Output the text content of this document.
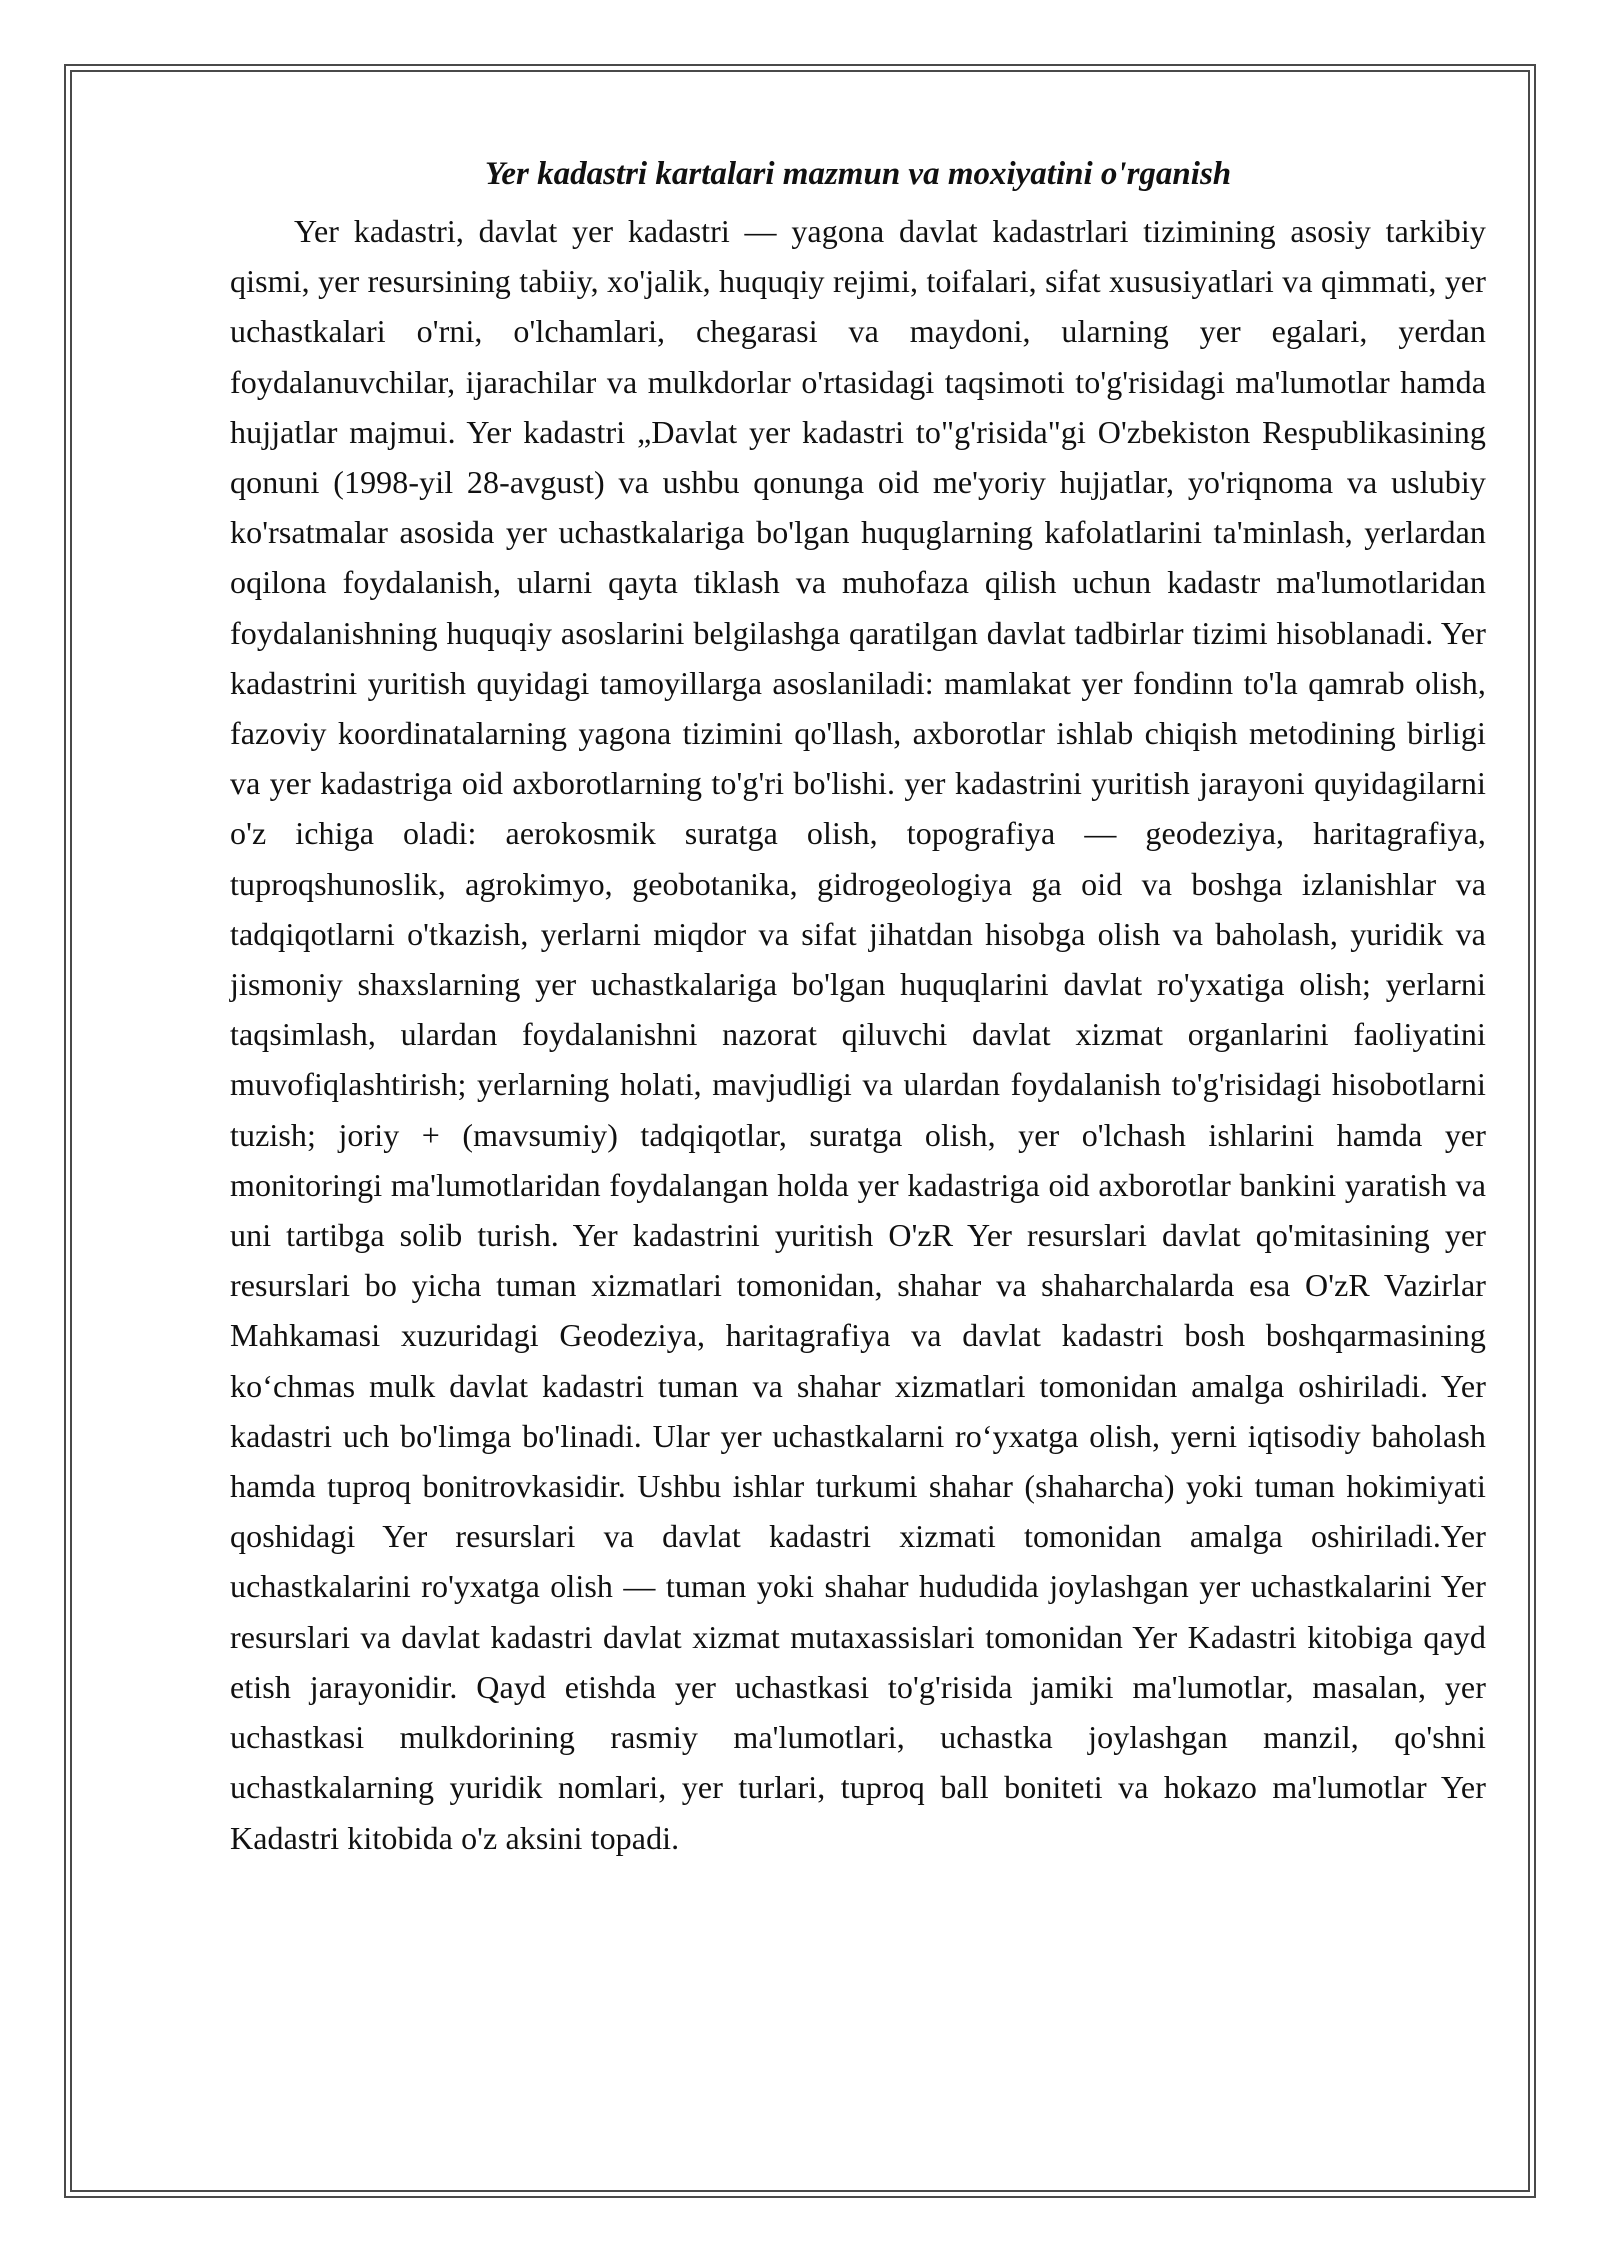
Yer kadastri kartalari mazmun va moxiyatini o'rganish

Yer kadastri, davlat yer kadastri — yagona davlat kadastrlari tizimining asosiy tarkibiy qismi, yer resursining tabiiy, xo'jalik, huquqiy rejimi, toifalari, sifat xususiyatlari va qimmati, yer uchastkalari o'rni, o'lchamlari, chegarasi va maydoni, ularning yer egalari, yerdan foydalanuvchilar, ijarachilar va mulkdorlar o'rtasidagi taqsimoti to'g'risidagi ma'lumotlar hamda hujjatlar majmui. Yer kadastri „Davlat yer kadastri to"g'risida"gi O'zbekiston Respublikasining qonuni (1998-yil 28-avgust) va ushbu qonunga oid me'yoriy hujjatlar, yo'riqnoma va uslubiy ko'rsatmalar asosida yer uchastkalariga bo'lgan huquglarning kafolatlarini ta'minlash, yerlardan oqilona foydalanish, ularni qayta tiklash va muhofaza qilish uchun kadastr ma'lumotlaridan foydalanishning huquqiy asoslarini belgilashga qaratilgan davlat tadbirlar tizimi hisoblanadi. Yer kadastrini yuritish quyidagi tamoyillarga asoslaniladi: mamlakat yer fondinn to'la qamrab olish, fazoviy koordinatalarning yagona tizimini qo'llash, axborotlar ishlab chiqish metodining birligi va yer kadastriga oid axborotlarning to'g'ri bo'lishi. yer kadastrini yuritish jarayoni quyidagilarni o'z ichiga oladi: aerokosmik suratga olish, topografiya — geodeziya, haritagrafiya, tuproqshunoslik, agrokimyo, geobotanika, gidrogeologiya ga oid va boshga izlanishlar va tadqiqotlarni o'tkazish, yerlarni miqdor va sifat jihatdan hisobga olish va baholash, yuridik va jismoniy shaxslarning yer uchastkalariga bo'lgan huquqlarini davlat ro'yxatiga olish; yerlarni taqsimlash, ulardan foydalanishni nazorat qiluvchi davlat xizmat organlarini faoliyatini muvofiqlashtirish; yerlarning holati, mavjudligi va ulardan foydalanish to'g'risidagi hisobotlarni tuzish; joriy + (mavsumiy) tadqiqotlar, suratga olish, yer o'lchash ishlarini hamda yer monitoringi ma'lumotlaridan foydalangan holda yer kadastriga oid axborotlar bankini yaratish va uni tartibga solib turish. Yer kadastrini yuritish O'zR Yer resurslari davlat qo'mitasining yer resurslari bo yicha tuman xizmatlari tomonidan, shahar va shaharchalarda esa O'zR Vazirlar Mahkamasi xuzuridagi Geodeziya, haritagrafiya va davlat kadastri bosh boshqarmasining ko‘chmas mulk davlat kadastri tuman va shahar xizmatlari tomonidan amalga oshiriladi. Yer kadastri uch bo'limga bo'linadi. Ular yer uchastkalarni ro‘yxatga olish, yerni iqtisodiy baholash hamda tuproq bonitrovkasidir. Ushbu ishlar turkumi shahar (shaharcha) yoki tuman hokimiyati qoshidagi Yer resurslari va davlat kadastri xizmati tomonidan amalga oshiriladi.Yer uchastkalarini ro'yxatga olish — tuman yoki shahar hududida joylashgan yer uchastkalarini Yer resurslari va davlat kadastri davlat xizmat mutaxassislari tomonidan Yer Kadastri kitobiga qayd etish jarayonidir. Qayd etishda yer uchastkasi to'g'risida jamiki ma'lumotlar, masalan, yer uchastkasi mulkdorining rasmiy ma'lumotlari, uchastka joylashgan manzil, qo'shni uchastkalarning yuridik nomlari, yer turlari, tuproq ball boniteti va hokazo ma'lumotlar Yer Kadastri kitobida o'z aksini topadi.
